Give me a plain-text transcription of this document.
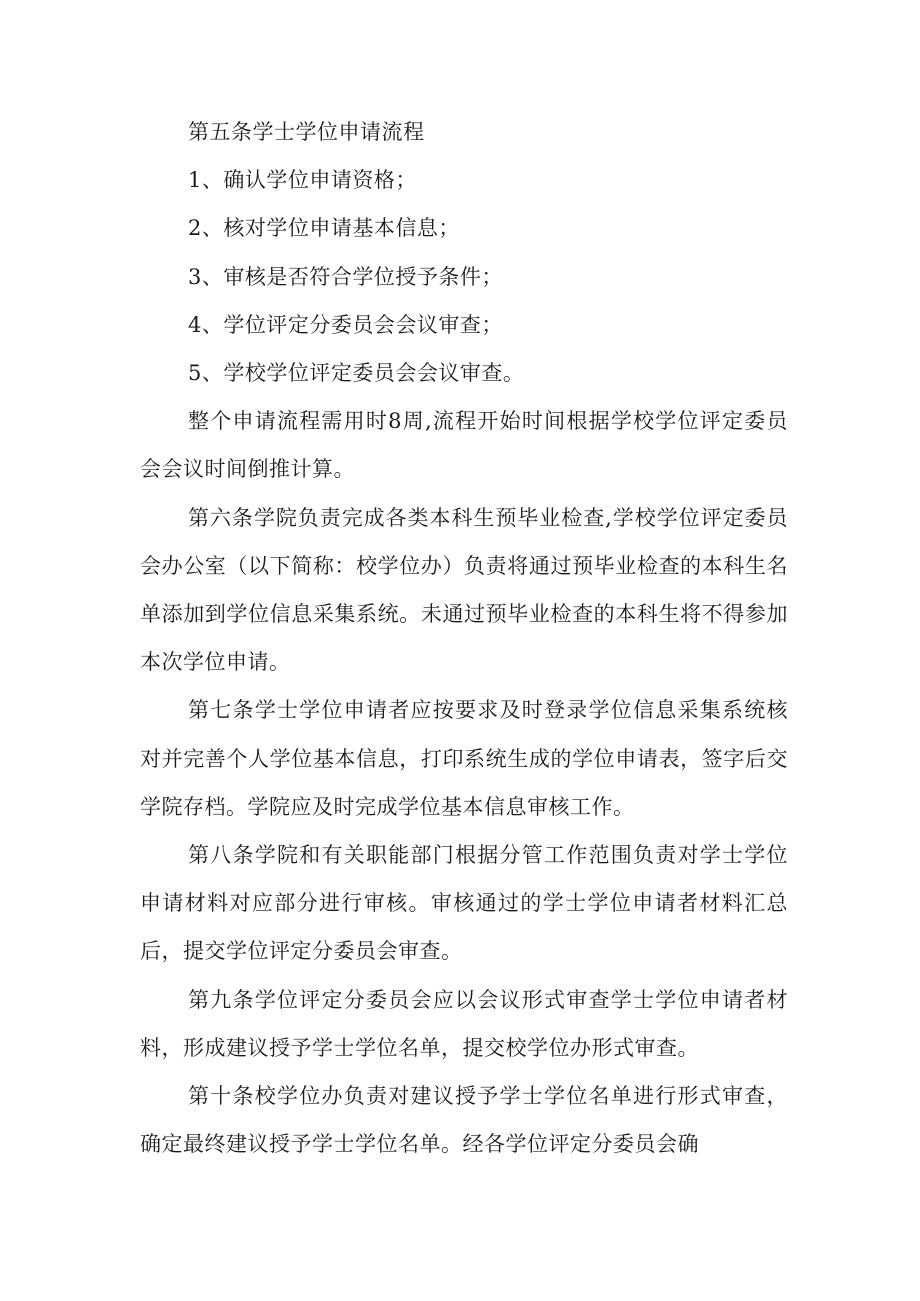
第五条学士学位申请流程

1、确认学位申请资格；

2、核对学位申请基本信息；

3、审核是否符合学位授予条件；

4、学位评定分委员会会议审查；

5、学校学位评定委员会会议审查。

整个申请流程需用时8周,流程开始时间根据学校学位评定委员会会议时间倒推计算。

第六条学院负责完成各类本科生预毕业检查,学校学位评定委员会办公室（以下简称：校学位办）负责将通过预毕业检查的本科生名单添加到学位信息采集系统。未通过预毕业检查的本科生将不得参加本次学位申请。

第七条学士学位申请者应按要求及时登录学位信息采集系统核对并完善个人学位基本信息，打印系统生成的学位申请表，签字后交学院存档。学院应及时完成学位基本信息审核工作。

第八条学院和有关职能部门根据分管工作范围负责对学士学位申请材料对应部分进行审核。审核通过的学士学位申请者材料汇总后，提交学位评定分委员会审查。

第九条学位评定分委员会应以会议形式审查学士学位申请者材料，形成建议授予学士学位名单，提交校学位办形式审查。

第十条校学位办负责对建议授予学士学位名单进行形式审查，确定最终建议授予学士学位名单。经各学位评定分委员会确
